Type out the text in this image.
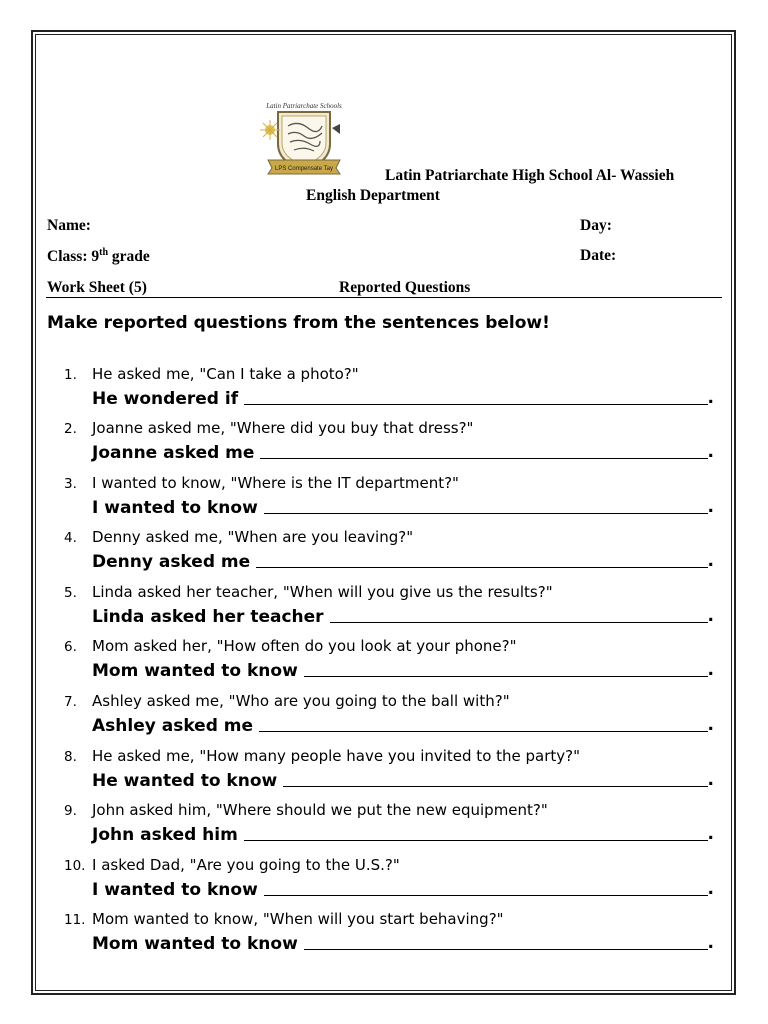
Latin Patriarchate Schools
LPS Compensate Tay	Latin Patriarchate High School Al- Wassieh
English Department
Name:	Day:
Class: 9th grade	Date:
Work Sheet (5)	Reported Questions
Make reported questions from the sentences below!
1. He asked me, "Can I take a photo?"
He wondered if	.
2. Joanne asked me, "Where did you buy that dress?"
Joanne asked me	.
3. I wanted to know, "Where is the IT department?"
I wanted to know	.
4. Denny asked me, "When are you leaving?"
Denny asked me	.
5. Linda asked her teacher, "When will you give us the results?"
Linda asked her teacher	.
6. Mom asked her, "How often do you look at your phone?"
Mom wanted to know	.
7. Ashley asked me, "Who are you going to the ball with?"
Ashley asked me	.
8. He asked me, "How many people have you invited to the party?"
He wanted to know	.
9. John asked him, "Where should we put the new equipment?"
John asked him	.
10. I asked Dad, "Are you going to the U.S.?"
I wanted to know	.
11. Mom wanted to know, "When will you start behaving?"
Mom wanted to know	.
